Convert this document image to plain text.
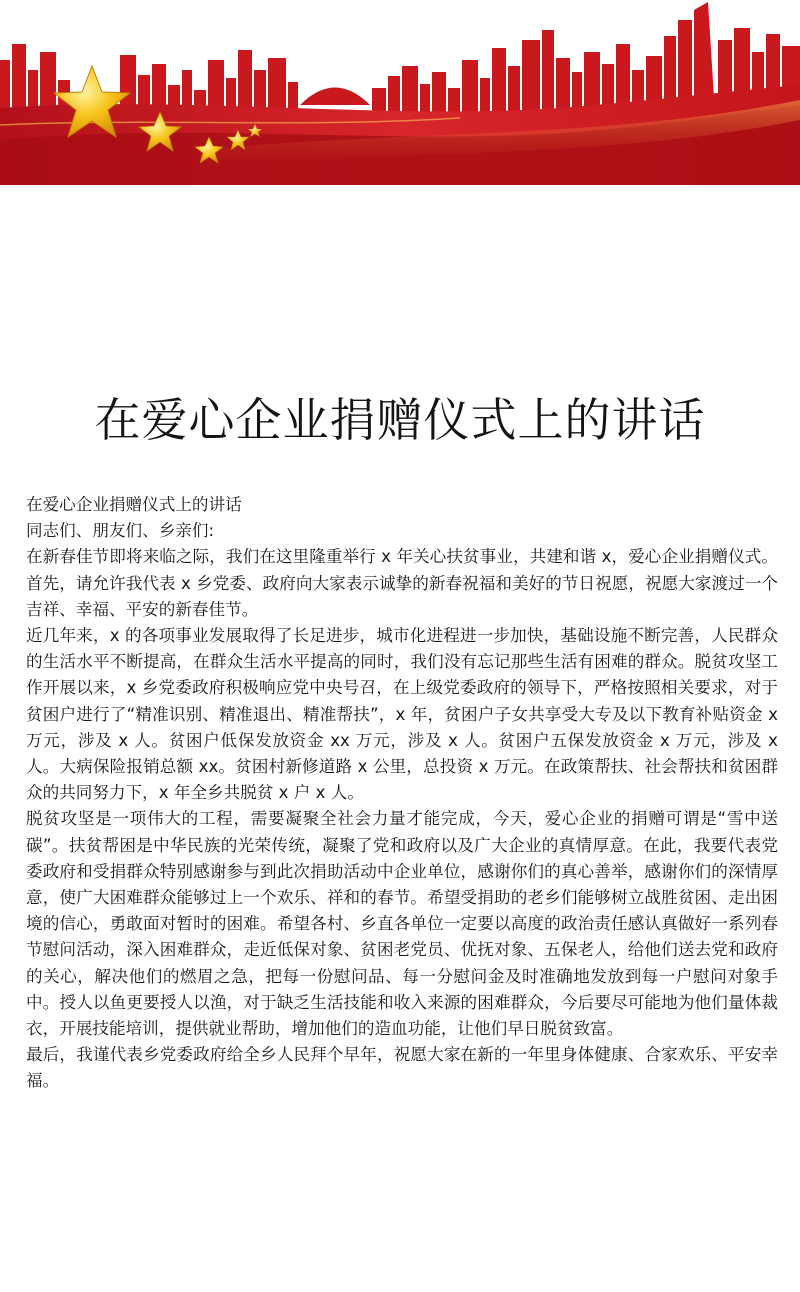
在爱心企业捐赠仪式上的讲话

在爱心企业捐赠仪式上的讲话

同志们、朋友们、乡亲们:

在新春佳节即将来临之际，我们在这里隆重举行 x 年关心扶贫事业，共建和谐 x，爱心企业捐赠仪式。首先，请允许我代表 x 乡党委、政府向大家表示诚挚的新春祝福和美好的节日祝愿，祝愿大家渡过一个吉祥、幸福、平安的新春佳节。

近几年来，x 的各项事业发展取得了长足进步，城市化进程进一步加快，基础设施不断完善，人民群众的生活水平不断提高，在群众生活水平提高的同时，我们没有忘记那些生活有困难的群众。脱贫攻坚工作开展以来，x 乡党委政府积极响应党中央号召，在上级党委政府的领导下，严格按照相关要求，对于贫困户进行了“精准识别、精准退出、精准帮扶”，x 年，贫困户子女共享受大专及以下教育补贴资金 x 万元，涉及 x 人。贫困户低保发放资金 xx 万元，涉及 x 人。贫困户五保发放资金 x 万元，涉及 x 人。大病保险报销总额 xx。贫困村新修道路 x 公里，总投资 x 万元。在政策帮扶、社会帮扶和贫困群众的共同努力下，x 年全乡共脱贫 x 户 x 人。

脱贫攻坚是一项伟大的工程，需要凝聚全社会力量才能完成，今天，爱心企业的捐赠可谓是“雪中送碳”。扶贫帮困是中华民族的光荣传统，凝聚了党和政府以及广大企业的真情厚意。在此，我要代表党委政府和受捐群众特别感谢参与到此次捐助活动中企业单位，感谢你们的真心善举，感谢你们的深情厚意，使广大困难群众能够过上一个欢乐、祥和的春节。希望受捐助的老乡们能够树立战胜贫困、走出困境的信心，勇敢面对暂时的困难。希望各村、乡直各单位一定要以高度的政治责任感认真做好一系列春节慰问活动，深入困难群众，走近低保对象、贫困老党员、优抚对象、五保老人，给他们送去党和政府的关心，解决他们的燃眉之急，把每一份慰问品、每一分慰问金及时准确地发放到每一户慰问对象手中。授人以鱼更要授人以渔，对于缺乏生活技能和收入来源的困难群众，今后要尽可能地为他们量体裁衣，开展技能培训，提供就业帮助，增加他们的造血功能，让他们早日脱贫致富。

最后，我谨代表乡党委政府给全乡人民拜个早年，祝愿大家在新的一年里身体健康、合家欢乐、平安幸福。
